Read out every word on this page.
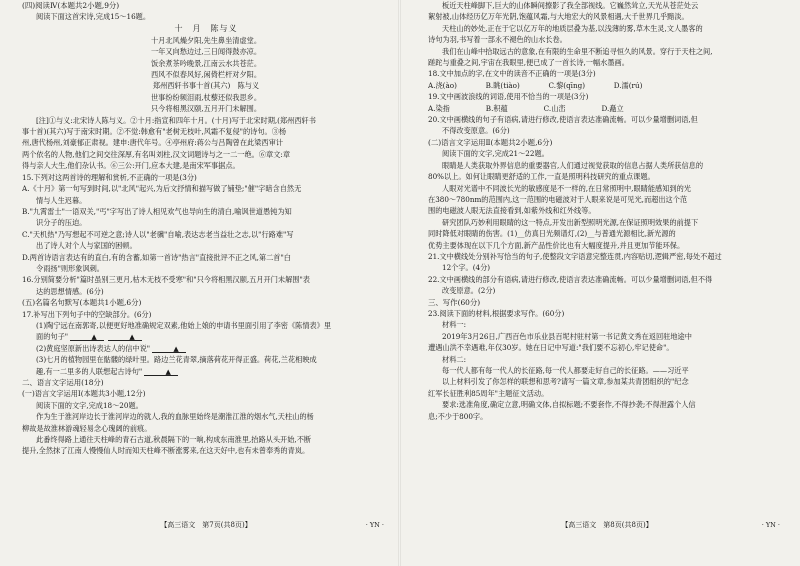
(四)阅读Ⅳ(本题共2小题,9分)

阅读下面这首宋诗,完成15～16题。

十　月　陈与义

十月北风燥夕阳,先生鼻坐清虚堂。

一年又向愁边过,三日闻得鼓亦凉。

饭余煮茶吟晚景,江南云水共苍茫。

西风不似春风好,闲倚栏杆对夕阳。

郑州西轩书事十首(其六)　陈与义

世事纷纷频泪雨,杖藜还似我思乡。

只今将相黑汉颐,五月开门未解围。

[注]①与义:北宋诗人陈与义。②十月:指宣和四年十月。(十月)写于北宋时期,(郑州西轩书

事十首)(其六)写于南宋时期。②不觉:韩愈有"老树无枝叶,风霜不复侵"的诗句。③杨

州,唐代杨州,刘豪郁正肃视。建申:唐代年号。④亭州府:蒋公与吕陶曾在此梁西审计

两个依名的人物,他们之间交往深厚,有名叫刘柱,汉文词题诗与之一二一绝。⑥章文:章

得与亲人大生,他们杂认书。⑥三公:开门,应本大建,是南宋军事据点。

15.下列对这两首诗的理解和赏析,不正确的一项是(3分)

A.《十月》第一句写到时间,以"北风"起兴,为后文抒情和描写做了铺垫;"催"字暗含自然无

情与人生迟暮。

B."九霄雷士"一语双关,"丐"字写出了诗人相见欢气也导向生的清白,喻讽世道愚钝为知

识分子的压迫。

C."天机热"乃写想起不可逆之意;诗人以"老骥"自喻,表达志老当益壮之志,以"行路难"写

出了诗人对个人与家国的困顿。

D.两首诗语言表达有的直白,有的含蓄,如第一首诗"热言"直接批评不正之风,第二首"白

令雨扬"则形象讽刺。

16.分别简要分析"篇时虽别三更月,枯木无枝不受寒"和"只今将相黑汉颐,五月开门未解围"表

达的思想情感。(6分)

(五)名篇名句默写(本题共1小题,6分)

17.补写出下列句子中的空缺部分。(6分)

(1)陶宁远在南郭寄,以便更好地准确规定双素,他始上娘的申请书里面引用了李密《陈情表》里

面的句子"	▲	▲

(2)黄庭坚原新出诗表达人的信中说"	▲

(3)七月的植物园里在骷髅的绿叶里。路边兰花青翠,摘落荷花开得正盛。荷花,兰花相映成

趣,有一二里多的人联想起古诗句"	▲

二、语言文字运用(18分)

(一)语言文字运用Ⅰ(本题共3小题,12分)

阅读下面的文字,完成18～20题。

作为生于淮河岸边长于淮河岸边的就人,我的血脉里始终是潮淮江淮的烟水气,天柱山的杨

柳故是故淮林游魂轻易念心瑰阔的前痕。

此番终得路上通往天柱峰的青石古道,秋晨隔下的一晌,构成东南淮里,抬路从头开始,不断

提升,全然抹了江南人慢慢仙人时而知天柱峰不断涨雾来,在这天好中,也有未曾奉秀的青岚。

【高三语文　第7页(共8页)】	· YN ·

板近天柱峰脚下,巨大的山体瞬间擦影了我全部视线。它巍然耸立,天光从苍茫处云

絮射被,山体经历亿万年光阴,饱蕴风霜,与大地宏大的风景相遇,大千世界几乎黯淡。

天柱山的妙处,正在于它以亿万年的地质层叠为基,以浅薄的雾,草木生灵,文人墨客的

诗句为羽,书写着一部永不褪色的山水长卷。

我们在山峰中拾取远古的意象,在有限的生命里不断追寻恒久的风景。穿行于天柱之间,

蹉跎与重叠之间,宇宙在我眼里,便已成了一首长诗,一幅水墨画。

18.文中加点的字,在文中的读音不正确的一项是(3分)

A.浇(ào)　　　　B.眺(tiào)　　　　C.黎(qīng)　　　　D.濡(rú)

19.文中画波浪线的词语,使用不恰当的一项是(3分)

A.染指　　　　　B.积蕴　　　　　C.山峦　　　　　D.矗立

20.文中画横线的句子有语病,请进行修改,使语言表达准确流畅。可以少量增删词语,但

不得改变原意。(6分)

(二)语言文字运用Ⅱ(本题共2小题,6分)

阅读下面的文字,完成21～22题。

眼睛是人类获取外界信息的重要器官,人们通过视觉获取的信息占据人类所获信息的

80%以上。如何让眼睛更舒适的工作,一直是照明科技研究的重点课题。

人眼对光谱中不同波长光的敏感度是不一样的,在日常照明中,眼睛能感知到的光

在380～780nm的范围内,这一范围的电磁波对于人眼来说是可见光,而超出这个范

围的电磁波人眼无法直接看到,如紫外线和红外线等。

研究团队巧妙利用眼睛的这一特点,开发出新型照明光源,在保证照明效果的前提下

同时降低对眼睛的伤害。(1)__仿真日光频谱灯,(2)__与普通光源相比,新光源的

优势主要体现在以下几个方面,新产品性价比也有大幅度提升,并且更加节能环保。

21.文中横线处分别补写恰当的句子,使整段文字语意完整连贯,内容贴切,逻辑严密,每处不超过

12个字。(4分)

22.文中画横线的部分有语病,请进行修改,使语言表达准确流畅。可以少量增删词语,但不得

改变原意。(2分)

三、写作(60分)

23.阅读下面的材料,根据要求写作。(60分)

材料一:

2019年3月26日,广西百色市乐业县百坭村驻村第一书记黄文秀在返回驻地途中

遭遇山洪不幸遇难,年仅30岁。她在日记中写道:"我们要不忘初心,牢记使命"。

材料二:

每一代人都有每一代人的长征路,每一代人都要走好自己的长征路。——习近平

以上材料引发了你怎样的联想和思考?请写一篇文章,参加某共青团组织的"纪念

红军长征胜利85周年"主题征文活动。

要求:选准角度,确定立意,明确文体,自拟标题;不要套作,不得抄袭;不得泄露个人信

息;不少于800字。

【高三语文　第8页(共8页)】	· YN ·
